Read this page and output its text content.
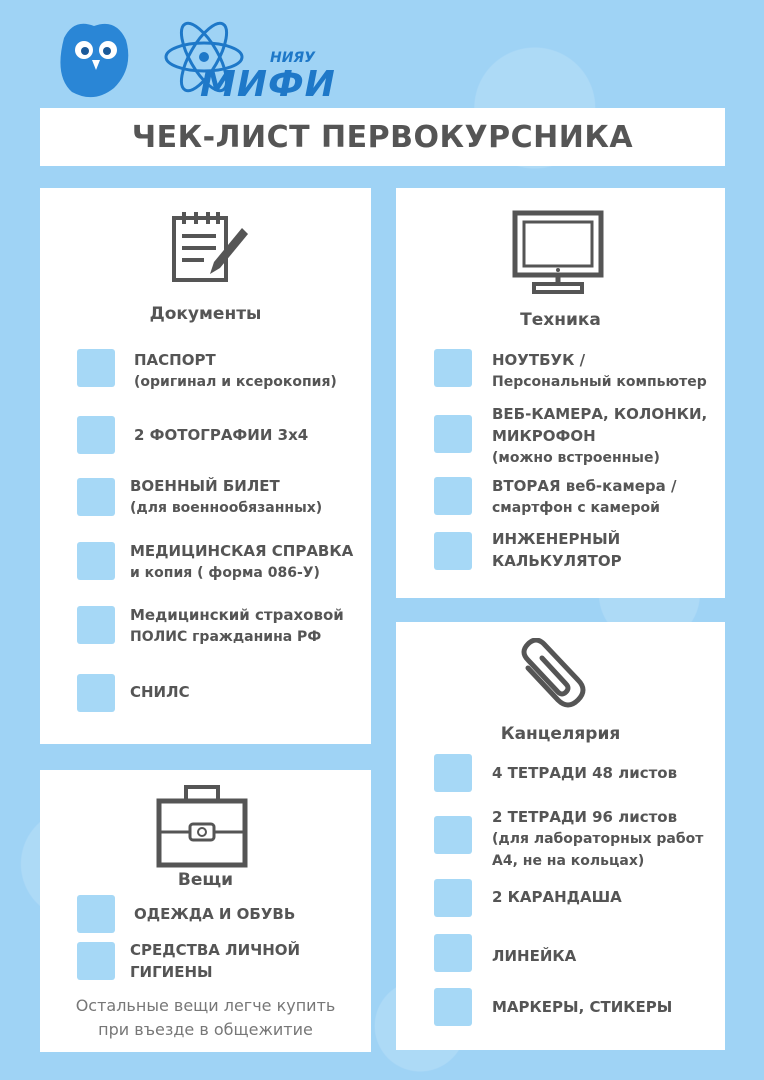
НИЯУ
МИФИ
ЧЕК-ЛИСТ ПЕРВОКУРСНИКА
Документы
ПАСПОРТ
(оригинал и ксерокопия)
2 ФОТОГРАФИИ 3х4
ВОЕННЫЙ БИЛЕТ
(для военнообязанных)
МЕДИЦИНСКАЯ СПРАВКА
и копия ( форма 086-У)
Медицинский страховой
ПОЛИС гражданина РФ
СНИЛС
Техника
НОУТБУК /
Персональный компьютер
ВЕБ-КАМЕРА, КОЛОНКИ,
МИКРОФОН
(можно встроенные)
ВТОРАЯ веб-камера /
смартфон с камерой
ИНЖЕНЕРНЫЙ
КАЛЬКУЛЯТОР
Вещи
ОДЕЖДА И ОБУВЬ
СРЕДСТВА ЛИЧНОЙ
ГИГИЕНЫ
Остальные вещи легче купить
при въезде в общежитие
Канцелярия
4 ТЕТРАДИ 48 листов
2 ТЕТРАДИ 96 листов
(для лабораторных работ
А4, не на кольцах)
2 КАРАНДАША
ЛИНЕЙКА
МАРКЕРЫ, СТИКЕРЫ
